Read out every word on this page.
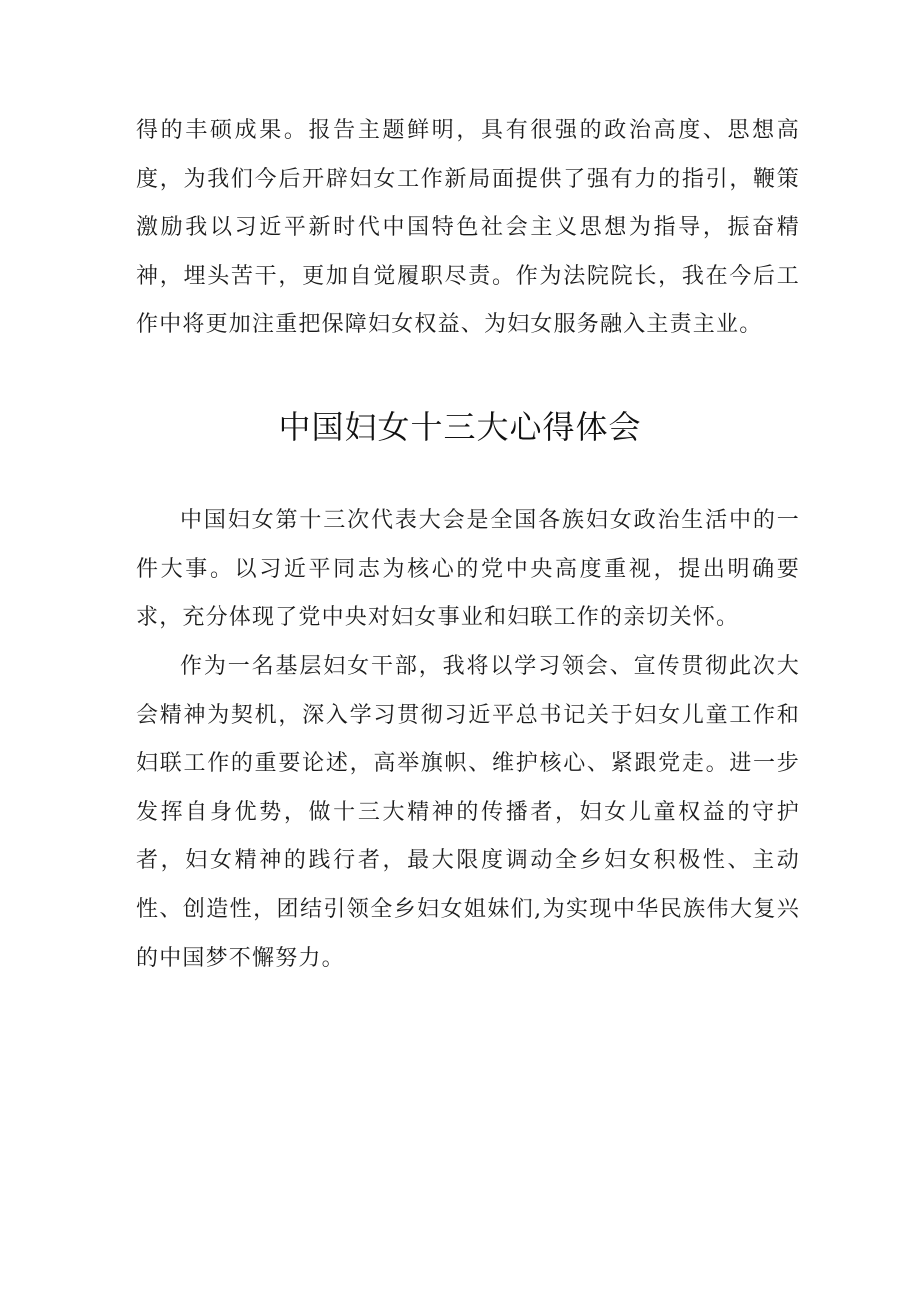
得的丰硕成果。报告主题鲜明，具有很强的政治高度、思想高度，为我们今后开辟妇女工作新局面提供了强有力的指引，鞭策激励我以习近平新时代中国特色社会主义思想为指导，振奋精神，埋头苦干，更加自觉履职尽责。作为法院院长，我在今后工作中将更加注重把保障妇女权益、为妇女服务融入主责主业。

中国妇女十三大心得体会

中国妇女第十三次代表大会是全国各族妇女政治生活中的一件大事。以习近平同志为核心的党中央高度重视，提出明确要求，充分体现了党中央对妇女事业和妇联工作的亲切关怀。

作为一名基层妇女干部，我将以学习领会、宣传贯彻此次大会精神为契机，深入学习贯彻习近平总书记关于妇女儿童工作和妇联工作的重要论述，高举旗帜、维护核心、紧跟党走。进一步发挥自身优势，做十三大精神的传播者，妇女儿童权益的守护者，妇女精神的践行者，最大限度调动全乡妇女积极性、主动性、创造性，团结引领全乡妇女姐妹们,为实现中华民族伟大复兴的中国梦不懈努力。
